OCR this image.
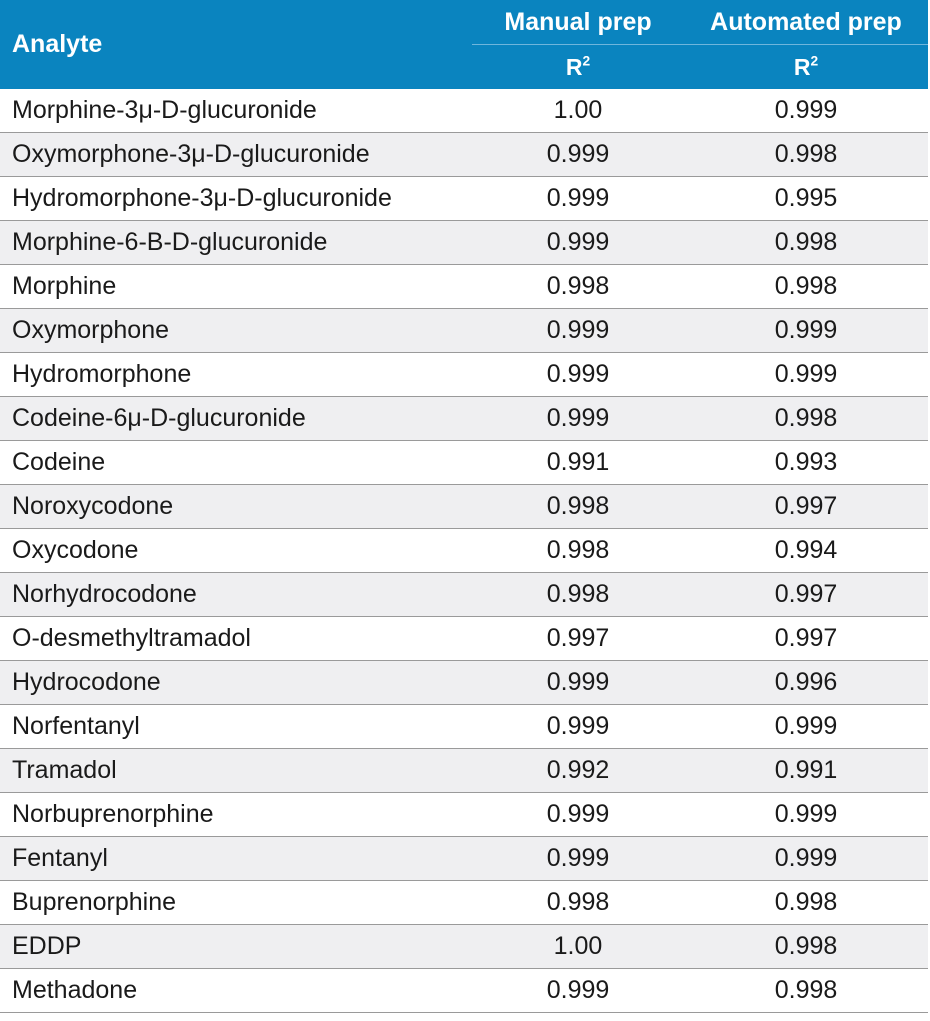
Analyte	Manual prep	Automated prep
	$R^2$	$R^2$
Morphine-3μ-D-glucuronide	1.00	0.999
Oxymorphone-3μ-D-glucuronide	0.999	0.998
Hydromorphone-3μ-D-glucuronide	0.999	0.995
Morphine-6-B-D-glucuronide	0.999	0.998
Morphine	0.998	0.998
Oxymorphone	0.999	0.999
Hydromorphone	0.999	0.999
Codeine-6μ-D-glucuronide	0.999	0.998
Codeine	0.991	0.993
Noroxycodone	0.998	0.997
Oxycodone	0.998	0.994
Norhydrocodone	0.998	0.997
O-desmethyltramadol	0.997	0.997
Hydrocodone	0.999	0.996
Norfentanyl	0.999	0.999
Tramadol	0.992	0.991
Norbuprenorphine	0.999	0.999
Fentanyl	0.999	0.999
Buprenorphine	0.998	0.998
EDDP	1.00	0.998
Methadone	0.999	0.998
